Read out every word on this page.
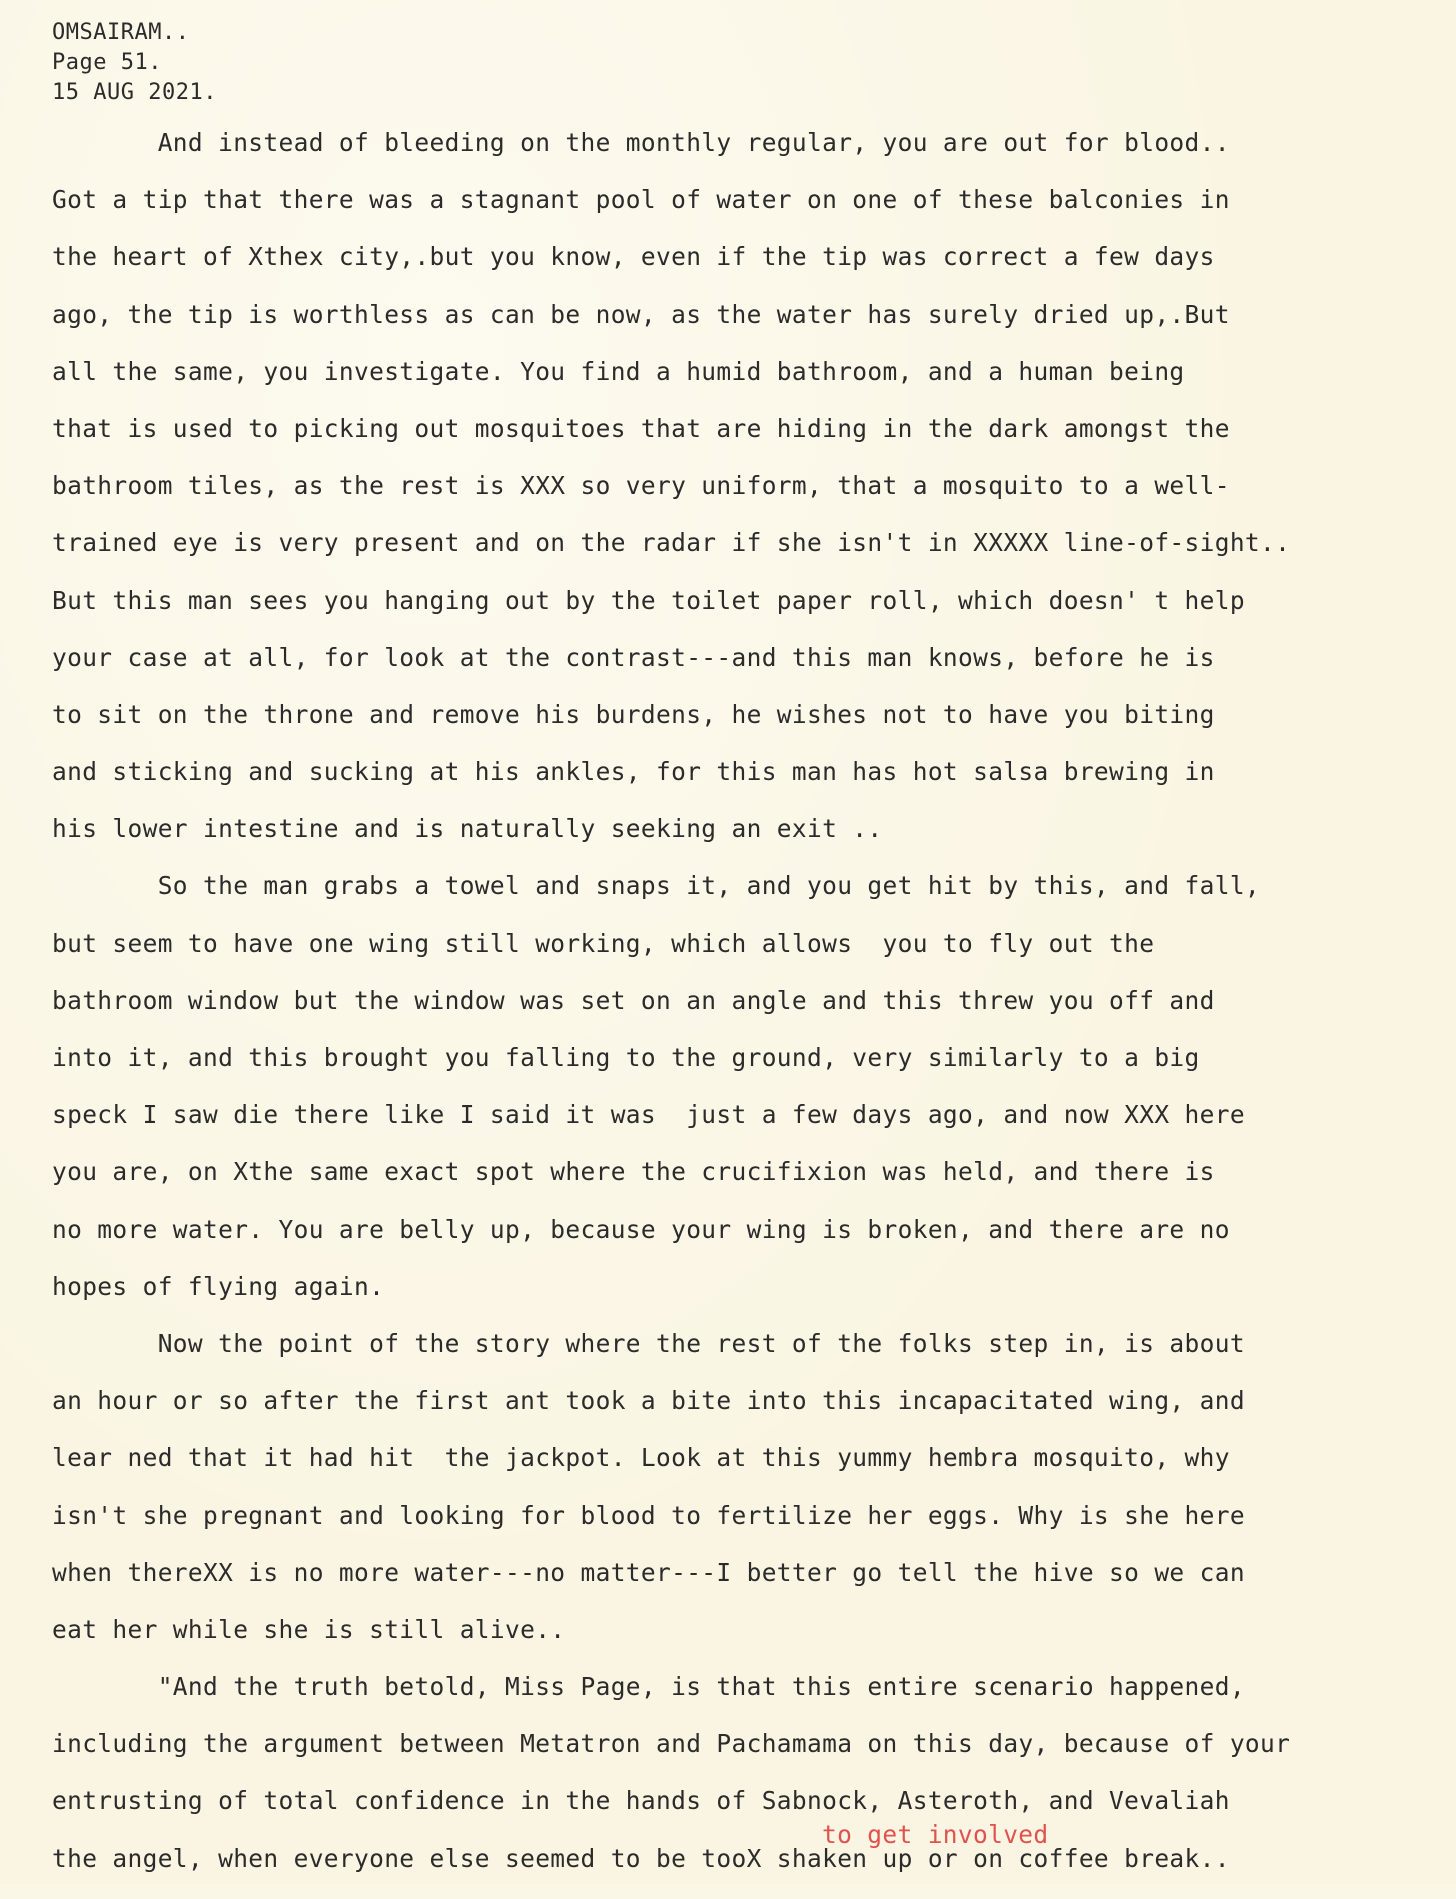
OMSAIRAM..
Page 51.
15 AUG 2021.
And instead of bleeding on the monthly regular, you are out for blood..
Got a tip that there was a stagnant pool of water on one of these balconies in
the heart of Xthex city,.but you know, even if the tip was correct a few days
ago, the tip is worthless as can be now, as the water has surely dried up,.But
all the same, you investigate. You find a humid bathroom, and a human being
that is used to picking out mosquitoes that are hiding in the dark amongst the
bathroom tiles, as the rest is XXX so very uniform, that a mosquito to a well-
trained eye is very present and on the radar if she isn't in XXXXX line-of-sight..
But this man sees you hanging out by the toilet paper roll, which doesn' t help
your case at all, for look at the contrast---and this man knows, before he is
to sit on the throne and remove his burdens, he wishes not to have you biting
and sticking and sucking at his ankles, for this man has hot salsa brewing in
his lower intestine and is naturally seeking an exit ..
So the man grabs a towel and snaps it, and you get hit by this, and fall,
but seem to have one wing still working, which allows  you to fly out the
bathroom window but the window was set on an angle and this threw you off and
into it, and this brought you falling to the ground, very similarly to a big
speck I saw die there like I said it was  just a few days ago, and now XXX here
you are, on Xthe same exact spot where the crucifixion was held, and there is
no more water. You are belly up, because your wing is broken, and there are no
hopes of flying again.
Now the point of the story where the rest of the folks step in, is about
an hour or so after the first ant took a bite into this incapacitated wing, and
lear ned that it had hit  the jackpot. Look at this yummy hembra mosquito, why
isn't she pregnant and looking for blood to fertilize her eggs. Why is she here
when thereXX is no more water---no matter---I better go tell the hive so we can
eat her while she is still alive..
"And the truth betold, Miss Page, is that this entire scenario happened,
including the argument between Metatron and Pachamama on this day, because of your
entrusting of total confidence in the hands of Sabnock, Asteroth, and Vevaliah
to get involved
the angel, when everyone else seemed to be tooX shaken up or on coffee break..
